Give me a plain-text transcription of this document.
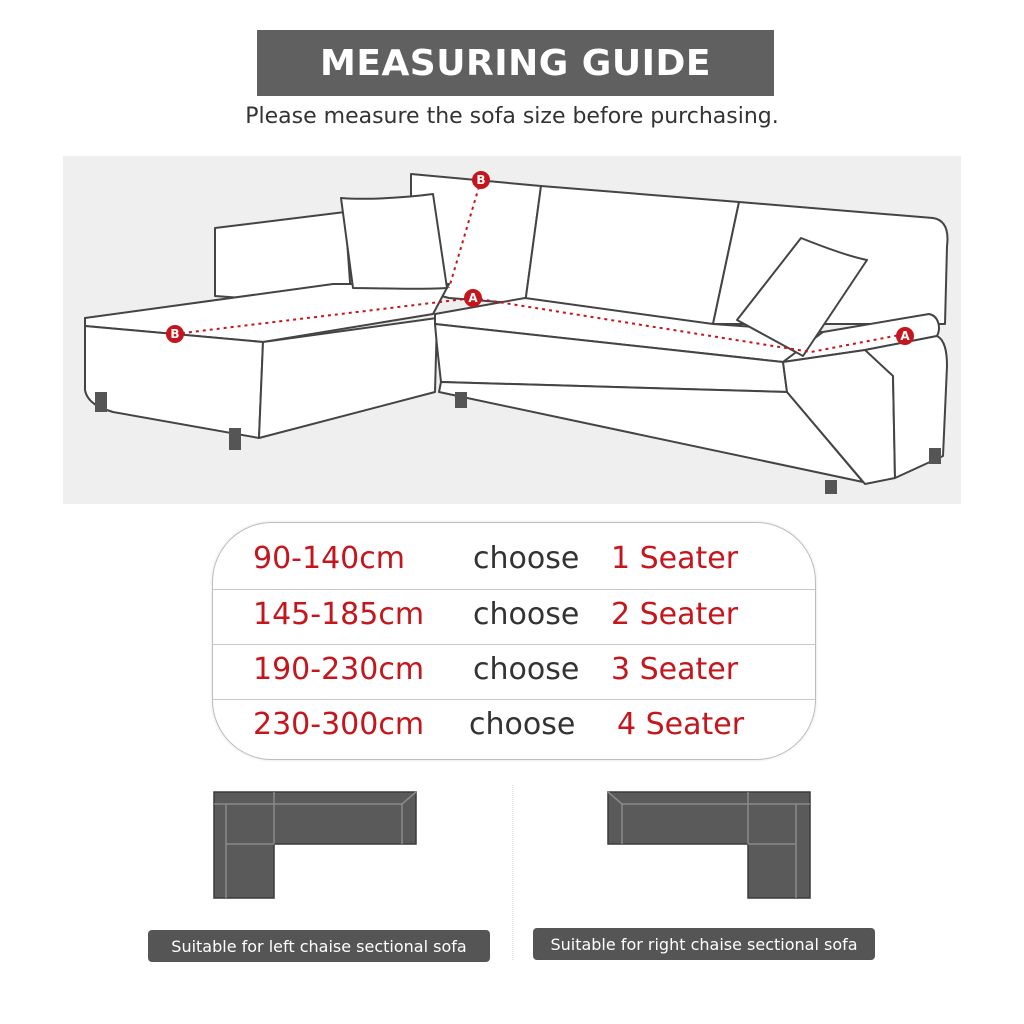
MEASURING GUIDE
Please measure the sofa size before purchasing.
B
B
A
A
90-140cm choose 1 Seater
145-185cm choose 2 Seater
190-230cm choose 3 Seater
230-300cm choose 4 Seater
Suitable for left chaise sectional sofa	Suitable for right chaise sectional sofa
